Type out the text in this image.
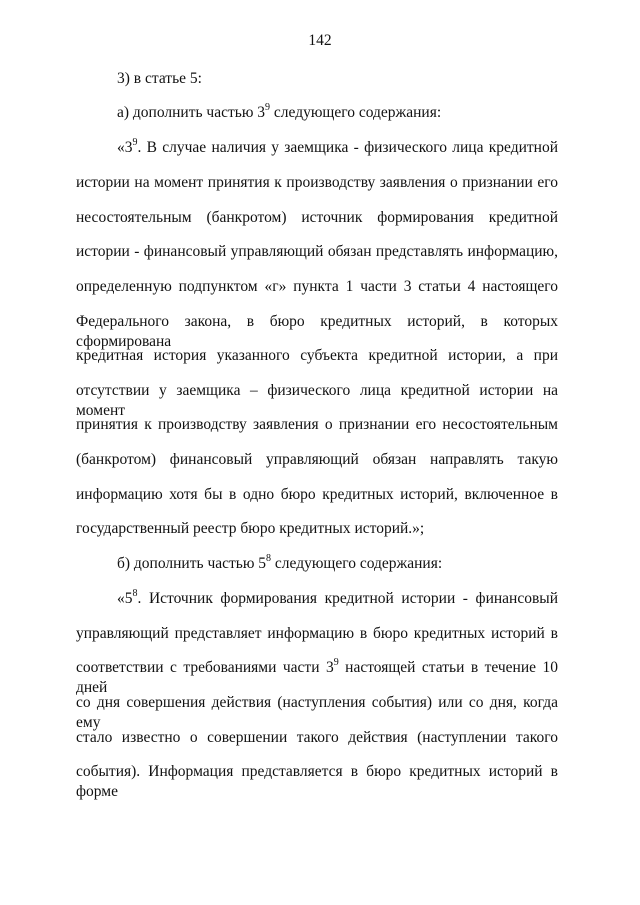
142
3) в статье 5:
а) дополнить частью $3^9$ следующего содержания:
«$3^9$. В случае наличия у заемщика - физического лица кредитной
истории на момент принятия к производству заявления о признании его
несостоятельным (банкротом) источник формирования кредитной
истории - финансовый управляющий обязан представлять информацию,
определенную подпунктом «г» пункта 1 части 3 статьи 4 настоящего
Федерального закона, в бюро кредитных историй, в которых сформирована
кредитная история указанного субъекта кредитной истории, а при
отсутствии у заемщика – физического лица кредитной истории на момент
принятия к производству заявления о признании его несостоятельным
(банкротом) финансовый управляющий обязан направлять такую
информацию хотя бы в одно бюро кредитных историй, включенное в
государственный реестр бюро кредитных историй.»;
б) дополнить частью $5^8$ следующего содержания:
«$5^8$. Источник формирования кредитной истории - финансовый
управляющий представляет информацию в бюро кредитных историй в
соответствии с требованиями части $3^9$ настоящей статьи в течение 10 дней
со дня совершения действия (наступления события) или со дня, когда ему
стало известно о совершении такого действия (наступлении такого
события). Информация представляется в бюро кредитных историй в форме
